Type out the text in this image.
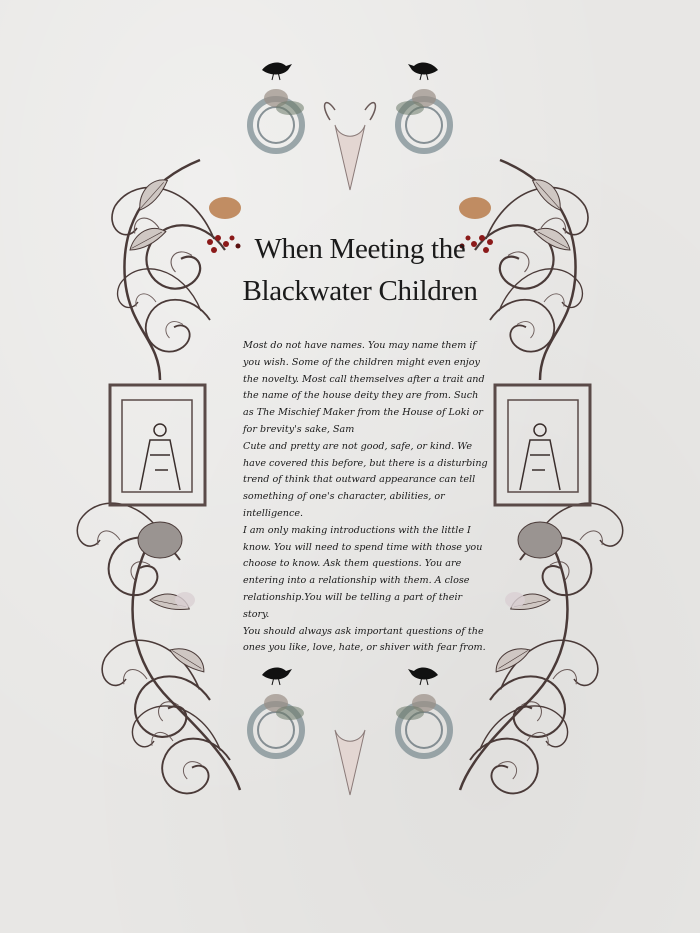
When Meeting the
Blackwater Children

Most do not have names. You may name them if you wish. Some of the children might even enjoy the novelty. Most call themselves after a trait and the name of the house deity they are from. Such as The Mischief Maker from the House of Loki or for brevity's sake, Sam

Cute and pretty are not good, safe, or kind. We have covered this before, but there is a disturbing trend of think that outward appearance can tell something of one's character, abilities, or intelligence.

I am only making introductions with the little I know. You will need to spend time with those you choose to know. Ask them questions. You are entering into a relationship with them. A close relationship.You will be telling a part of their story.

You should always ask important questions of the ones you like, love, hate, or shiver with fear from.
